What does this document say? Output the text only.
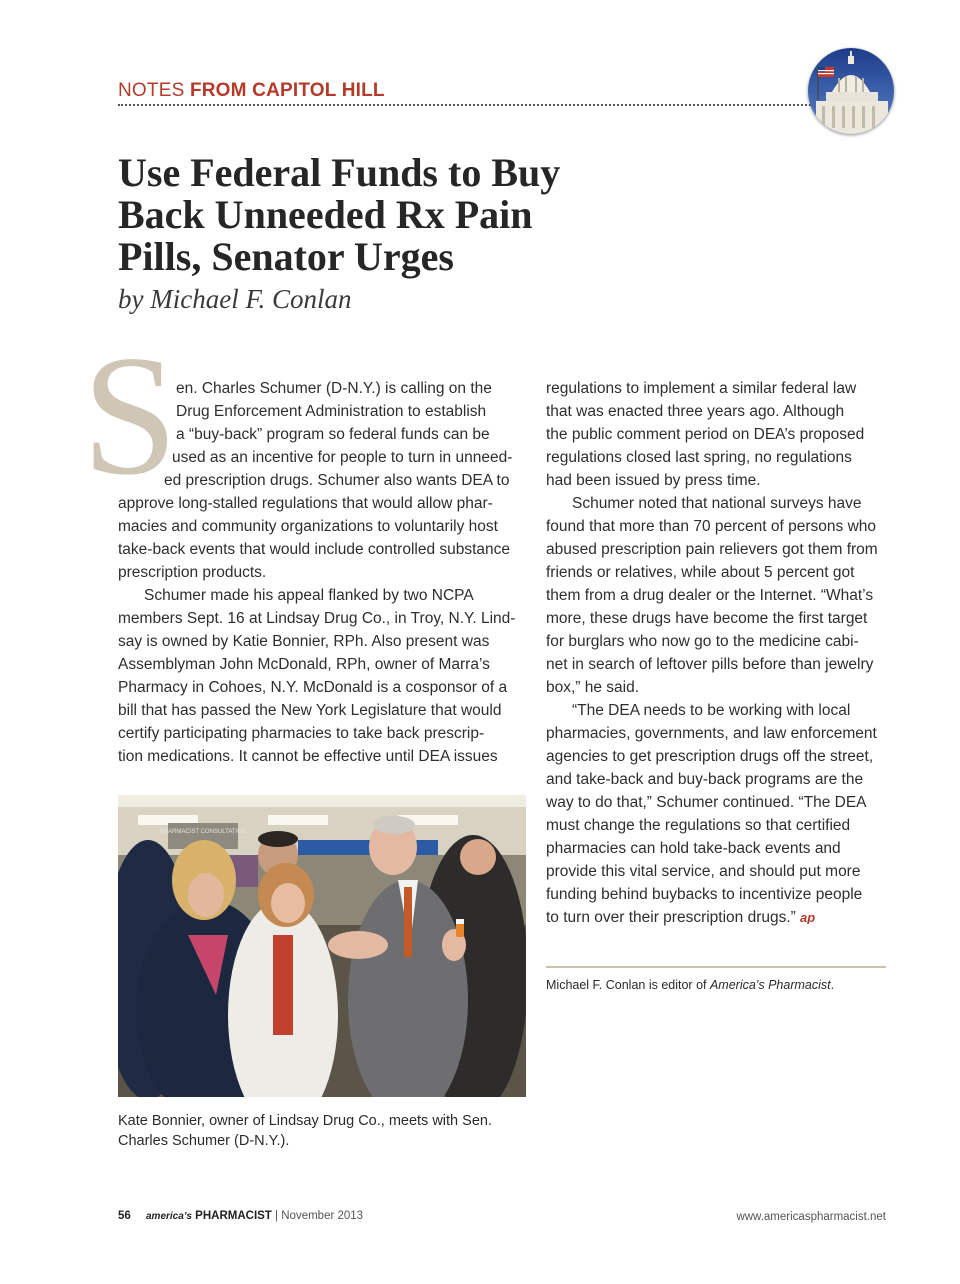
NOTES FROM CAPITOL HILL
Use Federal Funds to Buy
Back Unneeded Rx Pain
Pills, Senator Urges
by Michael F. Conlan
S
en. Charles Schumer (D-N.Y.) is calling on the
Drug Enforcement Administration to establish
a “buy-back” program so federal funds can be
used as an incentive for people to turn in unneed-
ed prescription drugs. Schumer also wants DEA to
approve long-stalled regulations that would allow phar-
macies and community organizations to voluntarily host
take-back events that would include controlled substance
prescription products.
Schumer made his appeal flanked by two NCPA
members Sept. 16 at Lindsay Drug Co., in Troy, N.Y. Lind-
say is owned by Katie Bonnier, RPh. Also present was
Assemblyman John McDonald, RPh, owner of Marra’s
Pharmacy in Cohoes, N.Y. McDonald is a cosponsor of a
bill that has passed the New York Legislature that would
certify participating pharmacies to take back prescrip-
tion medications. It cannot be effective until DEA issues
regulations to implement a similar federal law
that was enacted three years ago. Although
the public comment period on DEA’s proposed
regulations closed last spring, no regulations
had been issued by press time.
Schumer noted that national surveys have
found that more than 70 percent of persons who
abused prescription pain relievers got them from
friends or relatives, while about 5 percent got
them from a drug dealer or the Internet. “What’s
more, these drugs have become the first target
for burglars who now go to the medicine cabi-
net in search of leftover pills before than jewelry
box,” he said.
“The DEA needs to be working with local
pharmacies, governments, and law enforcement
agencies to get prescription drugs off the street,
and take-back and buy-back programs are the
way to do that,” Schumer continued. “The DEA
must change the regulations so that certified
pharmacies can hold take-back events and
provide this vital service, and should put more
funding behind buybacks to incentivize people
to turn over their prescription drugs.” ap
PHARMACIST CONSULTATION
Kate Bonnier, owner of Lindsay Drug Co., meets with Sen.
Charles Schumer (D-N.Y.).
Michael F. Conlan is editor of America’s Pharmacist.
56 america’s PHARMACIST | November 2013	www.americaspharmacist.net
